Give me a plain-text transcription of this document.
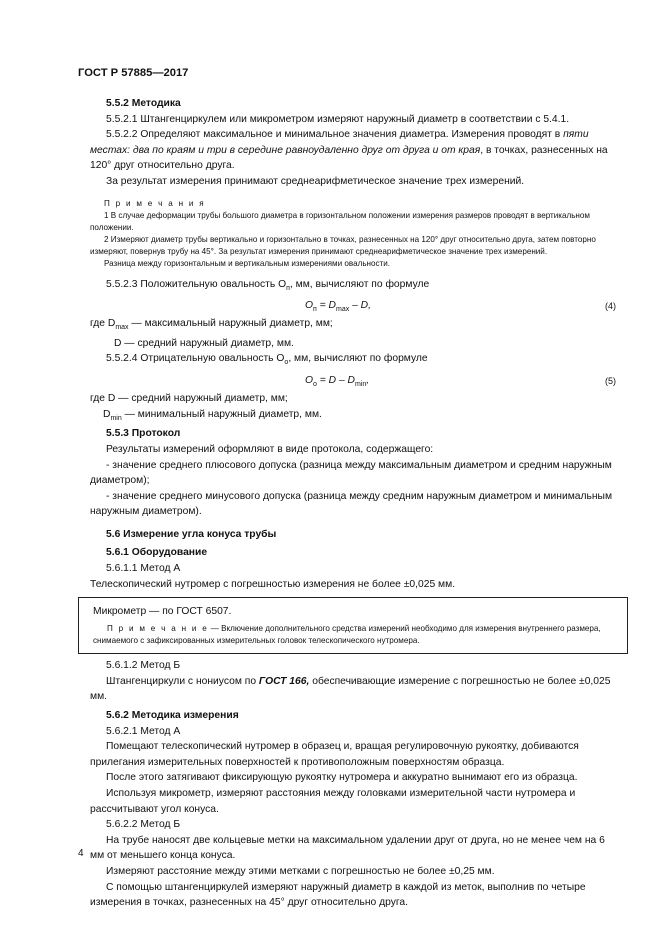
ГОСТ Р 57885—2017

5.5.2 Методика

5.5.2.1 Штангенциркулем или микрометром измеряют наружный диаметр в соответствии с 5.4.1.

5.5.2.2 Определяют максимальное и минимальное значения диаметра. Измерения проводят в пяти местах: два по краям и три в середине равноудаленно друг от друга и от края, в точках, разнесенных на 120° друг относительно друга.

За результат измерения принимают среднеарифметическое значение трех измерений.

П р и м е ч а н и я

1 В случае деформации трубы большого диаметра в горизонтальном положении измерения размеров проводят в вертикальном положении.

2 Измеряют диаметр трубы вертикально и горизонтально в точках, разнесенных на 120° друг относительно друга, затем повторно измеряют, повернув трубу на 45°. За результат измерения принимают среднеарифметическое значение трех измерений.

Разница между горизонтальным и вертикальным измерениями овальности.

5.5.2.3 Положительную овальность $O_п$, мм, вычисляют по формуле

$O_п = D_{max} - D$,	(4)

где $D_{max}$ — максимальный наружный диаметр, мм;

D — средний наружный диаметр, мм.

5.5.2.4 Отрицательную овальность $O_о$, мм, вычисляют по формуле

$O_о = D - D_{min}$,	(5)

где D — средний наружный диаметр, мм;

$D_{min}$ — минимальный наружный диаметр, мм.

5.5.3 Протокол

Результаты измерений оформляют в виде протокола, содержащего:

- значение среднего плюсового допуска (разница между максимальным диаметром и средним наружным диаметром);

- значение среднего минусового допуска (разница между средним наружным диаметром и минимальным наружным диаметром).

5.6 Измерение угла конуса трубы

5.6.1 Оборудование

5.6.1.1 Метод А

Телескопический нутромер с погрешностью измерения не более ±0,025 мм.

Микрометр — по ГОСТ 6507.

П р и м е ч а н и е — Включение дополнительного средства измерений необходимо для измерения внутреннего размера, снимаемого с зафиксированных измерительных головок телескопического нутромера.

5.6.1.2 Метод Б

Штангенциркули с нониусом по ГОСТ 166, обеспечивающие измерение с погрешностью не более ±0,025 мм.

5.6.2 Методика измерения

5.6.2.1 Метод А

Помещают телескопический нутромер в образец и, вращая регулировочную рукоятку, добиваются прилегания измерительных поверхностей к противоположным поверхностям образца.

После этого затягивают фиксирующую рукоятку нутромера и аккуратно вынимают его из образца.

Используя микрометр, измеряют расстояния между головками измерительной части нутромера и рассчитывают угол конуса.

5.6.2.2 Метод Б

На трубе наносят две кольцевые метки на максимальном удалении друг от друга, но не менее чем на 6 мм от меньшего конца конуса.

Измеряют расстояние между этими метками с погрешностью не более ±0,25 мм.

С помощью штангенциркулей измеряют наружный диаметр в каждой из меток, выполнив по четыре измерения в точках, разнесенных на 45° друг относительно друга.

4
